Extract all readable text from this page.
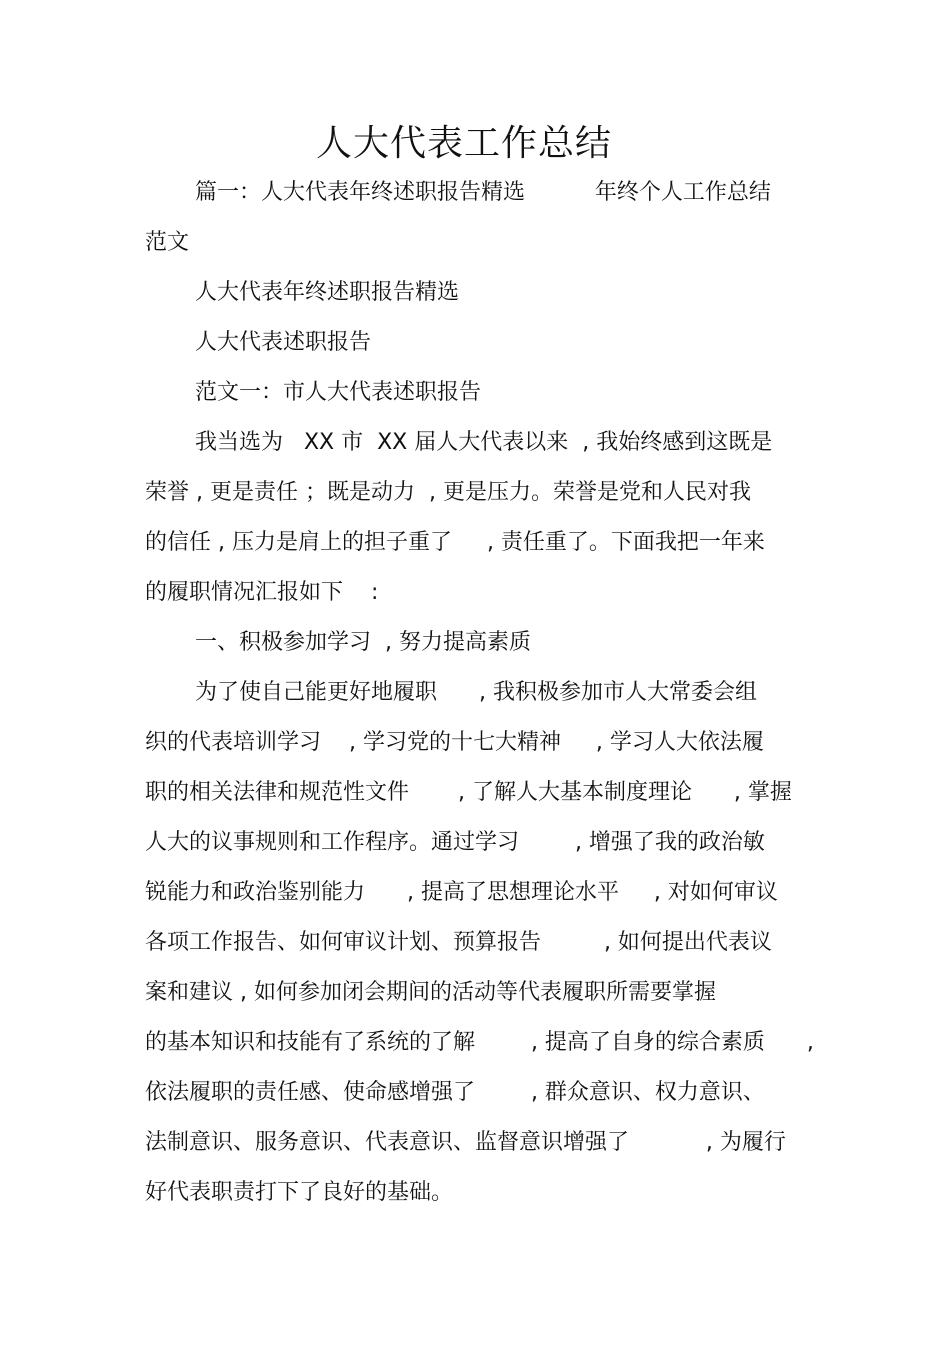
人大代表工作总结
篇一：人大代表年终述职报告精选          年终个人工作总结
范文
人大代表年终述职报告精选
人大代表述职报告
范文一：市人大代表述职报告
我当选为   XX 市  XX 届人大代表以来  , 我始终感到这既是
荣誉 , 更是责任 ；既是动力  , 更是压力。荣誉是党和人民对我
的信任 , 压力是肩上的担子重了     , 责任重了。下面我把一年来
的履职情况汇报如下    :
一、积极参加学习  , 努力提高素质
为了使自己能更好地履职      , 我积极参加市人大常委会组
织的代表培训学习    , 学习党的十七大精神     , 学习人大依法履
职的相关法律和规范性文件       , 了解人大基本制度理论      , 掌握
人大的议事规则和工作程序。通过学习        , 增强了我的政治敏
锐能力和政治鉴别能力      , 提高了思想理论水平     , 对如何审议
各项工作报告、如何审议计划、预算报告         , 如何提出代表议
案和建议 , 如何参加闭会期间的活动等代表履职所需要掌握
的基本知识和技能有了系统的了解        , 提高了自身的综合素质      ,
依法履职的责任感、使命感增强了        , 群众意识、权力意识、
法制意识、服务意识、代表意识、监督意识增强了           , 为履行
好代表职责打下了良好的基础。
